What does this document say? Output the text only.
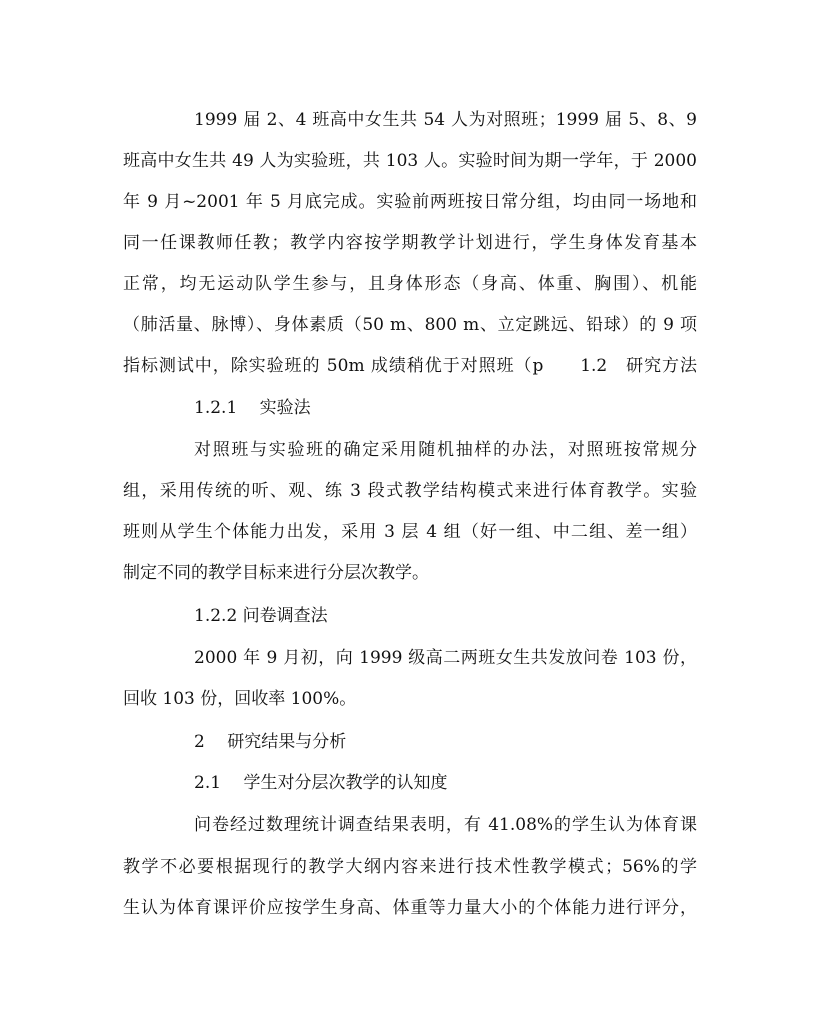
1999 届 2、4 班高中女生共 54 人为对照班；1999 届 5、8、9
班高中女生共 49 人为实验班，共 103 人。实验时间为期一学年，于 2000
年 9 月~2001 年 5 月底完成。实验前两班按日常分组，均由同一场地和
同一任课教师任教；教学内容按学期教学计划进行，学生身体发育基本
正常，均无运动队学生参与，且身体形态（身高、体重、胸围）、机能
（肺活量、脉博）、身体素质（50 m、800 m、立定跳远、铅球）的 9 项
指标测试中，除实验班的 50m 成绩稍优于对照班（p　　1.2　研究方法
1.2.1　 实验法
对照班与实验班的确定采用随机抽样的办法，对照班按常规分
组，采用传统的听、观、练 3 段式教学结构模式来进行体育教学。实验
班则从学生个体能力出发，采用 3 层 4 组（好一组、中二组、差一组）
制定不同的教学目标来进行分层次教学。
1.2.2 问卷调查法
2000 年 9 月初，向 1999 级高二两班女生共发放问卷 103 份，
回收 103 份，回收率 100%。
2　 研究结果与分析
2.1　 学生对分层次教学的认知度
问卷经过数理统计调查结果表明，有 41.08%的学生认为体育课
教学不必要根据现行的教学大纲内容来进行技术性教学模式；56%的学
生认为体育课评价应按学生身高、体重等力量大小的个体能力进行评分，
